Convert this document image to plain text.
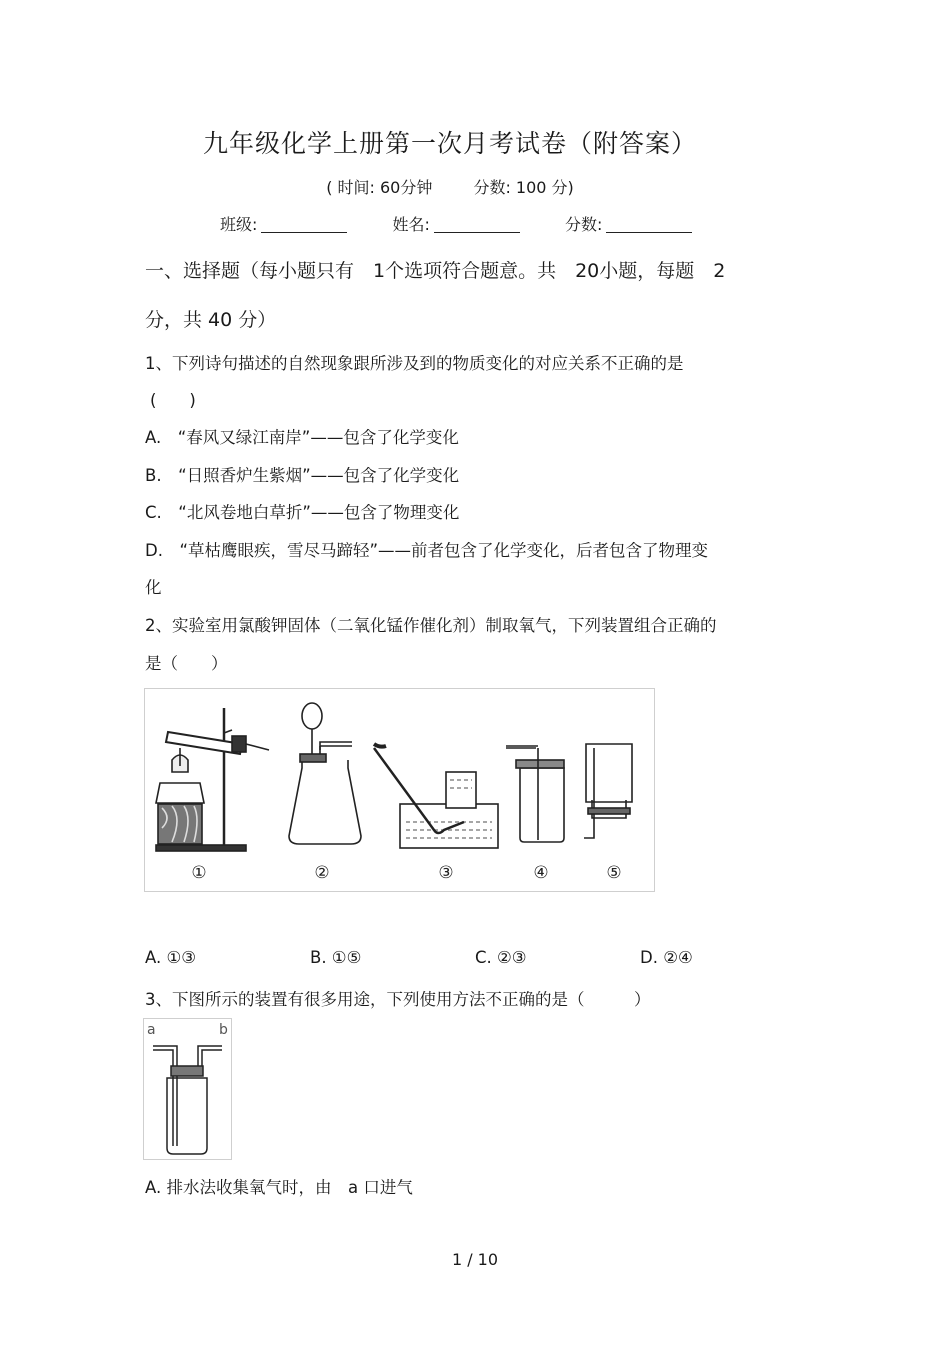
九年级化学上册第一次月考试卷（附答案）
( 时间: 60分钟	分数: 100 分)
班级:	姓名:	分数:
一、选择题（每小题只有　1个选项符合题意。共　20小题，每题　2
分，共 40 分）
1、下列诗句描述的自然现象跟所涉及到的物质变化的对应关系不正确的是
(　　)
A.　“春风又绿江南岸”——包含了化学变化
B.　“日照香炉生紫烟”——包含了化学变化
C.　“北风卷地白草折”——包含了物理变化
D.　“草枯鹰眼疾，雪尽马蹄轻”——前者包含了化学变化，后者包含了物理变
化
2、实验室用氯酸钾固体（二氧化锰作催化剂）制取氧气，下列装置组合正确的
是（　　）
①	②	③	④	⑤
A. ①③	B. ①⑤	C. ②③	D. ②④
3、下图所示的装置有很多用途，下列使用方法不正确的是（　　　）
a	b
A. 排水法收集氧气时，由　a 口进气
1 / 10
